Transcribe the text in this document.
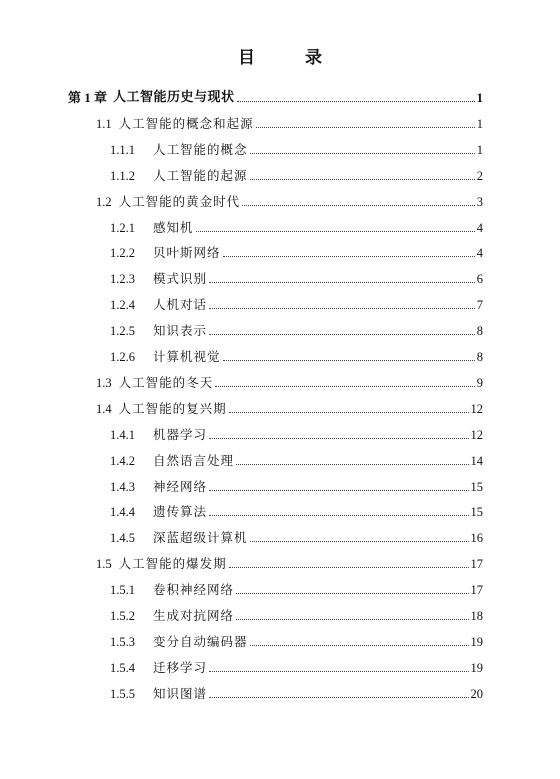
目 录
第 1 章 人工智能历史与现状	1
1.1 人工智能的概念和起源	1
1.1.1	人工智能的概念	1
1.1.2	人工智能的起源	2
1.2 人工智能的黄金时代	3
1.2.1	感知机	4
1.2.2	贝叶斯网络	4
1.2.3	模式识别	6
1.2.4	人机对话	7
1.2.5	知识表示	8
1.2.6	计算机视觉	8
1.3 人工智能的冬天	9
1.4 人工智能的复兴期	12
1.4.1	机器学习	12
1.4.2	自然语言处理	14
1.4.3	神经网络	15
1.4.4	遗传算法	15
1.4.5	深蓝超级计算机	16
1.5 人工智能的爆发期	17
1.5.1	卷积神经网络	17
1.5.2	生成对抗网络	18
1.5.3	变分自动编码器	19
1.5.4	迁移学习	19
1.5.5	知识图谱	20
